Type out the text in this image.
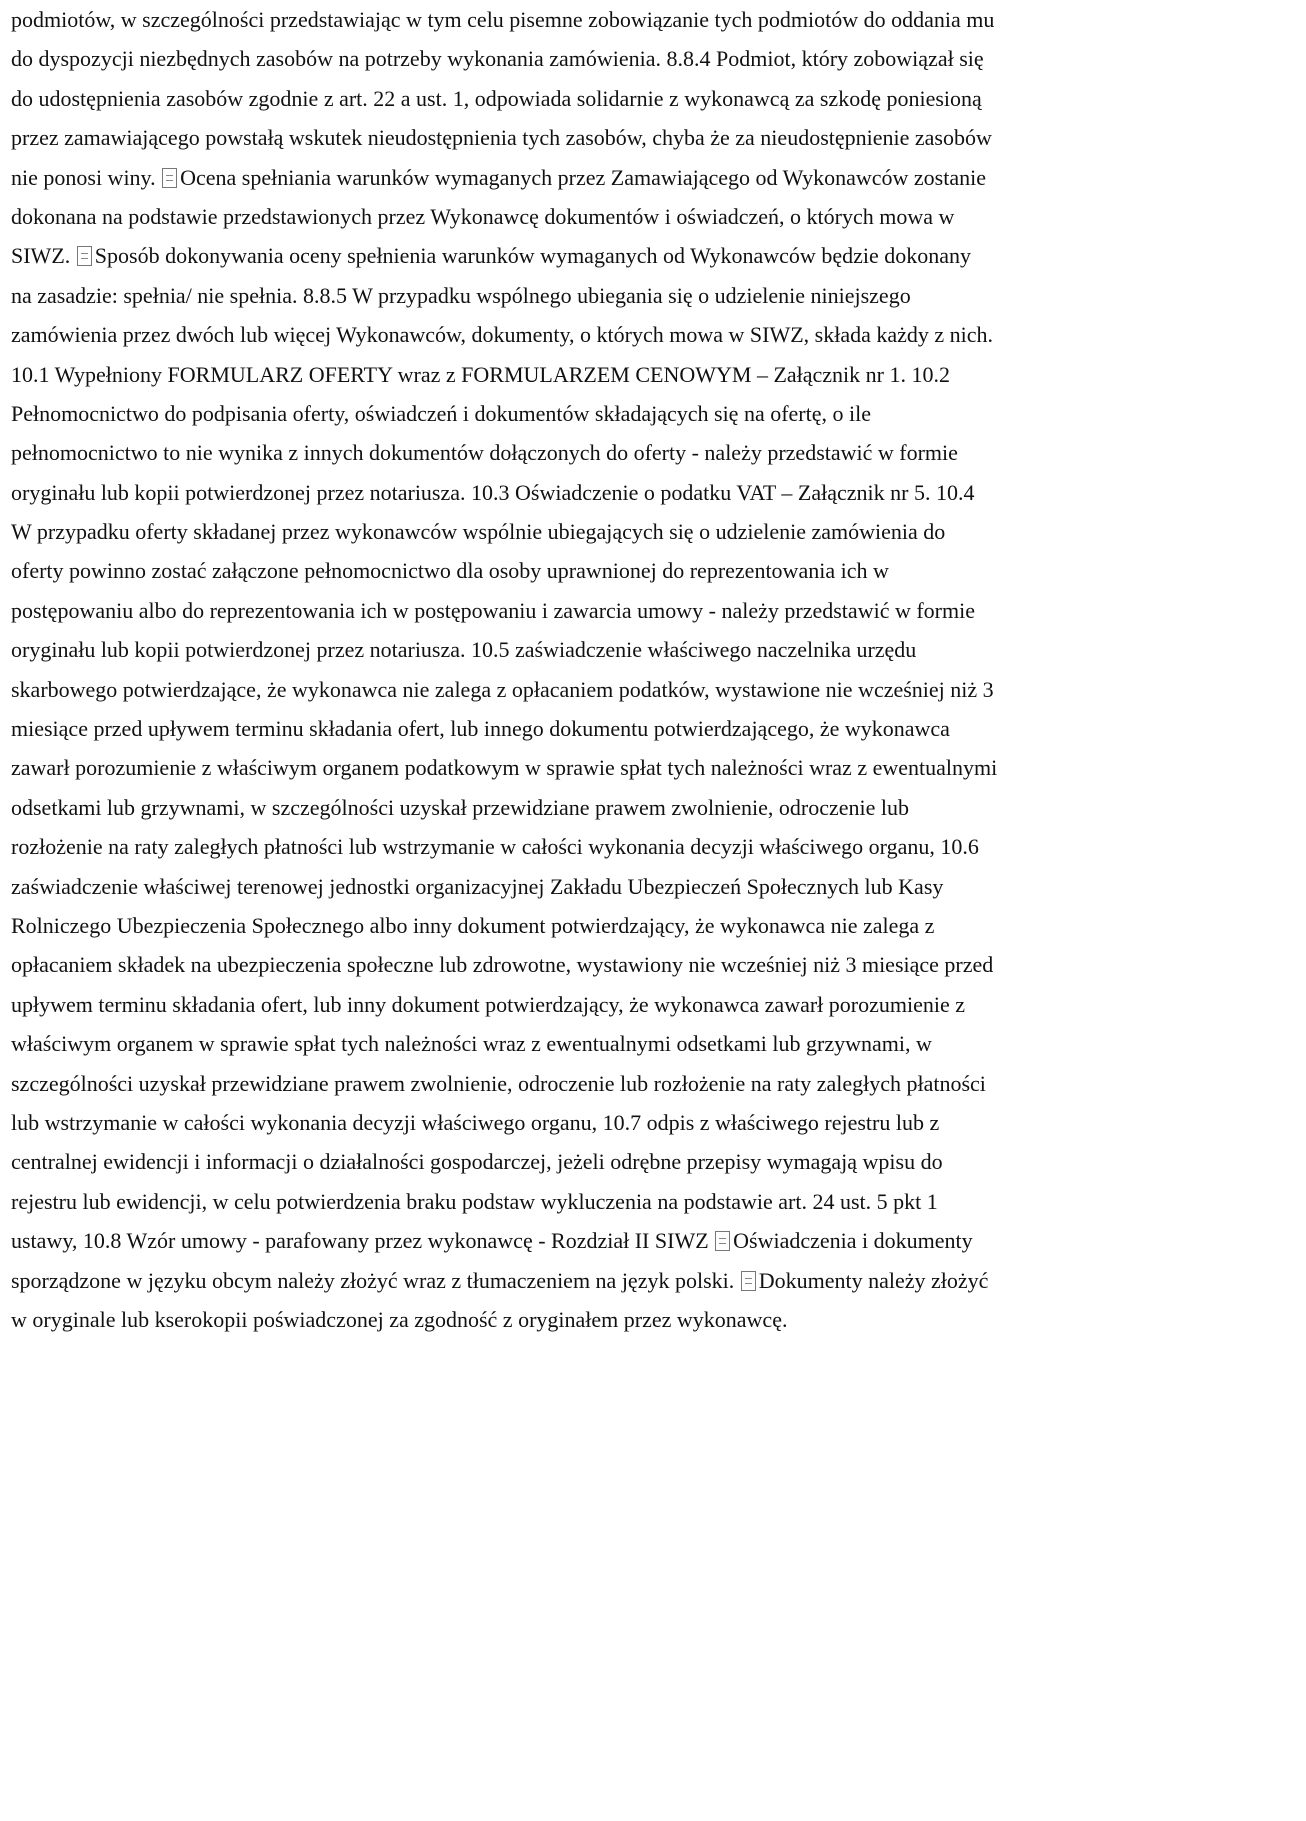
podmiotów, w szczególności przedstawiając w tym celu pisemne zobowiązanie tych podmiotów do oddania mu
do dyspozycji niezbędnych zasobów na potrzeby wykonania zamówienia. 8.8.4 Podmiot, który zobowiązał się
do udostępnienia zasobów zgodnie z art. 22 a ust. 1, odpowiada solidarnie z wykonawcą za szkodę poniesioną
przez zamawiającego powstałą wskutek nieudostępnienia tych zasobów, chyba że za nieudostępnienie zasobów
nie ponosi winy. Ocena spełniania warunków wymaganych przez Zamawiającego od Wykonawców zostanie
dokonana na podstawie przedstawionych przez Wykonawcę dokumentów i oświadczeń, o których mowa w
SIWZ. Sposób dokonywania oceny spełnienia warunków wymaganych od Wykonawców będzie dokonany
na zasadzie: spełnia/ nie spełnia. 8.8.5 W przypadku wspólnego ubiegania się o udzielenie niniejszego
zamówienia przez dwóch lub więcej Wykonawców, dokumenty, o których mowa w SIWZ, składa każdy z nich.
10.1 Wypełniony FORMULARZ OFERTY wraz z FORMULARZEM CENOWYM – Załącznik nr 1. 10.2
Pełnomocnictwo do podpisania oferty, oświadczeń i dokumentów składających się na ofertę, o ile
pełnomocnictwo to nie wynika z innych dokumentów dołączonych do oferty - należy przedstawić w formie
oryginału lub kopii potwierdzonej przez notariusza. 10.3 Oświadczenie o podatku VAT – Załącznik nr 5. 10.4
W przypadku oferty składanej przez wykonawców wspólnie ubiegających się o udzielenie zamówienia do
oferty powinno zostać załączone pełnomocnictwo dla osoby uprawnionej do reprezentowania ich w
postępowaniu albo do reprezentowania ich w postępowaniu i zawarcia umowy - należy przedstawić w formie
oryginału lub kopii potwierdzonej przez notariusza. 10.5 zaświadczenie właściwego naczelnika urzędu
skarbowego potwierdzające, że wykonawca nie zalega z opłacaniem podatków, wystawione nie wcześniej niż 3
miesiące przed upływem terminu składania ofert, lub innego dokumentu potwierdzającego, że wykonawca
zawarł porozumienie z właściwym organem podatkowym w sprawie spłat tych należności wraz z ewentualnymi
odsetkami lub grzywnami, w szczególności uzyskał przewidziane prawem zwolnienie, odroczenie lub
rozłożenie na raty zaległych płatności lub wstrzymanie w całości wykonania decyzji właściwego organu, 10.6
zaświadczenie właściwej terenowej jednostki organizacyjnej Zakładu Ubezpieczeń Społecznych lub Kasy
Rolniczego Ubezpieczenia Społecznego albo inny dokument potwierdzający, że wykonawca nie zalega z
opłacaniem składek na ubezpieczenia społeczne lub zdrowotne, wystawiony nie wcześniej niż 3 miesiące przed
upływem terminu składania ofert, lub inny dokument potwierdzający, że wykonawca zawarł porozumienie z
właściwym organem w sprawie spłat tych należności wraz z ewentualnymi odsetkami lub grzywnami, w
szczególności uzyskał przewidziane prawem zwolnienie, odroczenie lub rozłożenie na raty zaległych płatności
lub wstrzymanie w całości wykonania decyzji właściwego organu, 10.7 odpis z właściwego rejestru lub z
centralnej ewidencji i informacji o działalności gospodarczej, jeżeli odrębne przepisy wymagają wpisu do
rejestru lub ewidencji, w celu potwierdzenia braku podstaw wykluczenia na podstawie art. 24 ust. 5 pkt 1
ustawy, 10.8 Wzór umowy - parafowany przez wykonawcę - Rozdział II SIWZ Oświadczenia i dokumenty
sporządzone w języku obcym należy złożyć wraz z tłumaczeniem na język polski. Dokumenty należy złożyć
w oryginale lub kserokopii poświadczonej za zgodność z oryginałem przez wykonawcę.
